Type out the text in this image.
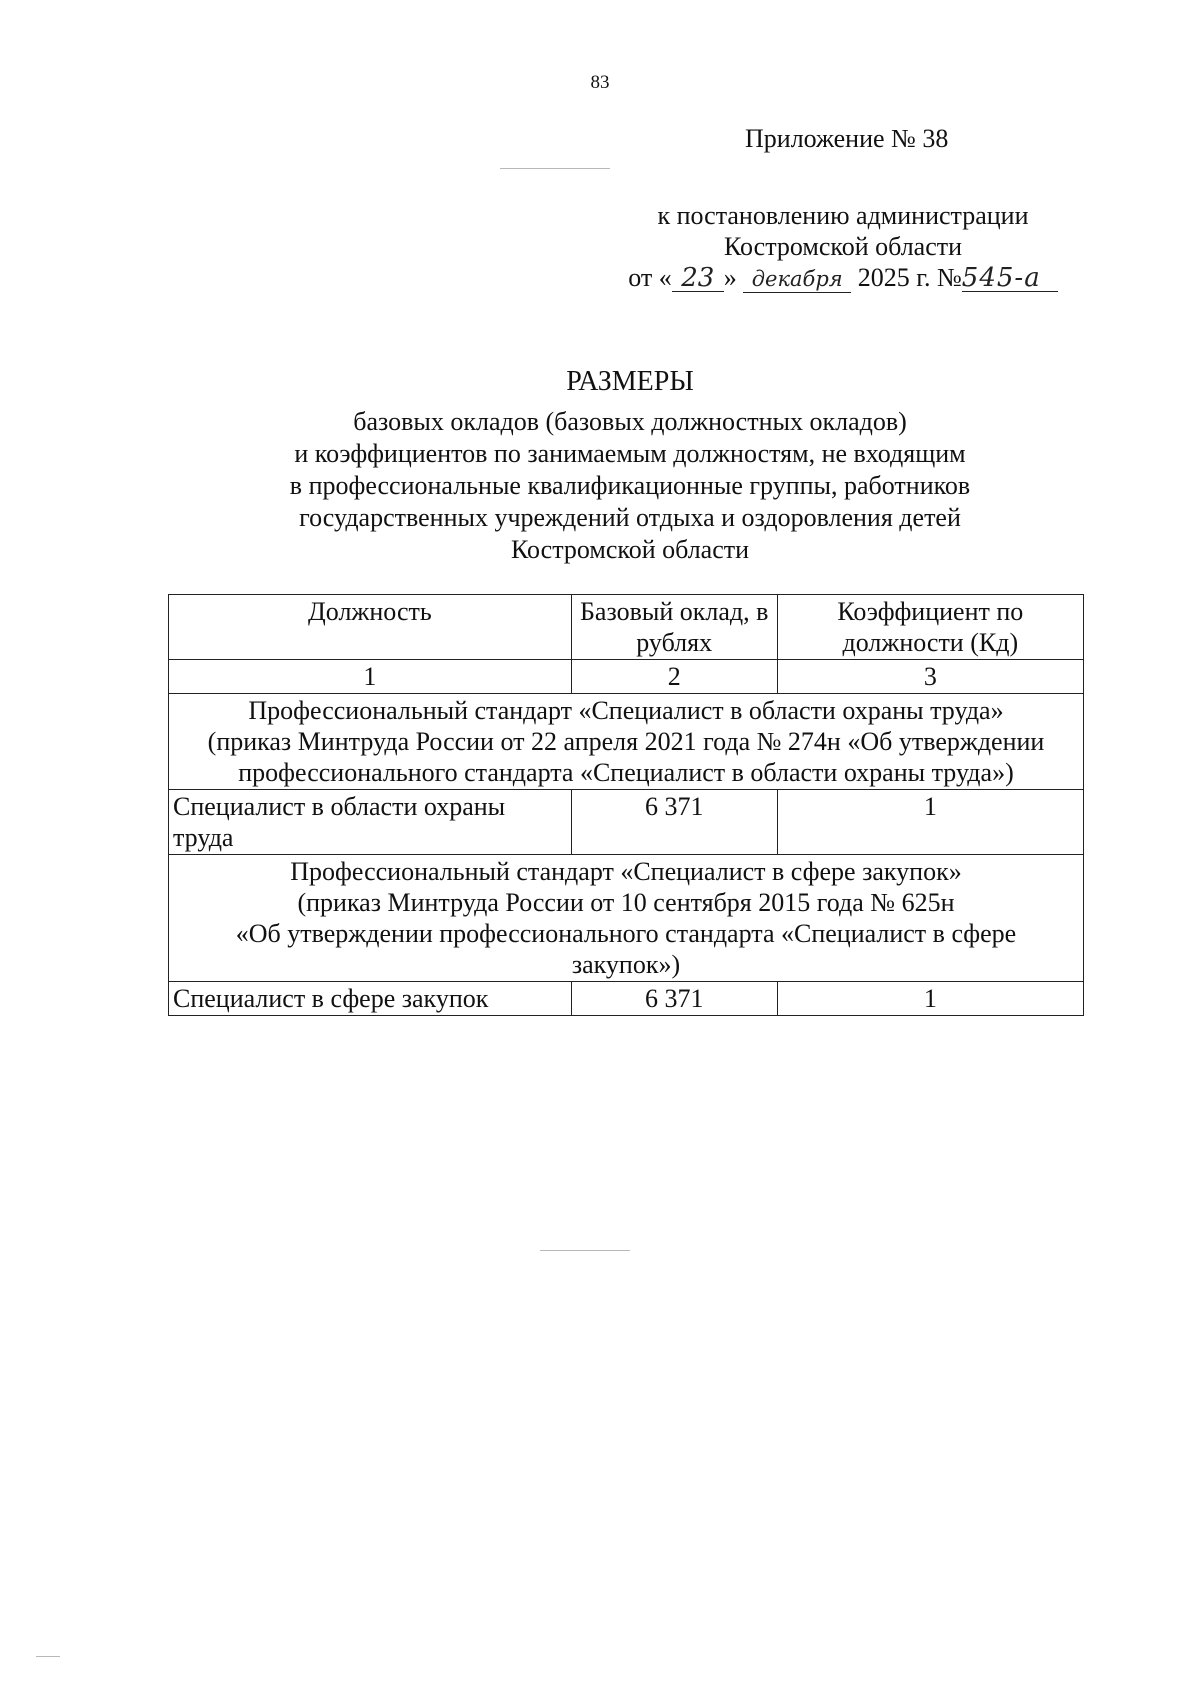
83
Приложение № 38
к постановлению администрации
Костромской области
от « 23 » декабря 2025 г. №545-а
РАЗМЕРЫ
базовых окладов (базовых должностных окладов)
и коэффициентов по занимаемым должностям, не входящим
в профессиональные квалификационные группы, работников
государственных учреждений отдыха и оздоровления детей
Костромской области
Должность	Базовый оклад, в рублях	Коэффициент по должности (Кд)
1	2	3

Профессиональный стандарт «Специалист в области охраны труда»
(приказ Минтруда России от 22 апреля 2021 года № 274н «Об утверждении
профессионального стандарта «Специалист в области охраны труда»)		

Специалист в области охраны труда	6 371	1

Профессиональный стандарт «Специалист в сфере закупок»
(приказ Минтруда России от 10 сентября 2015 года № 625н
«Об утверждении профессионального стандарта «Специалист в сфере
закупок»)		

Специалист в сфере закупок	6 371	1
